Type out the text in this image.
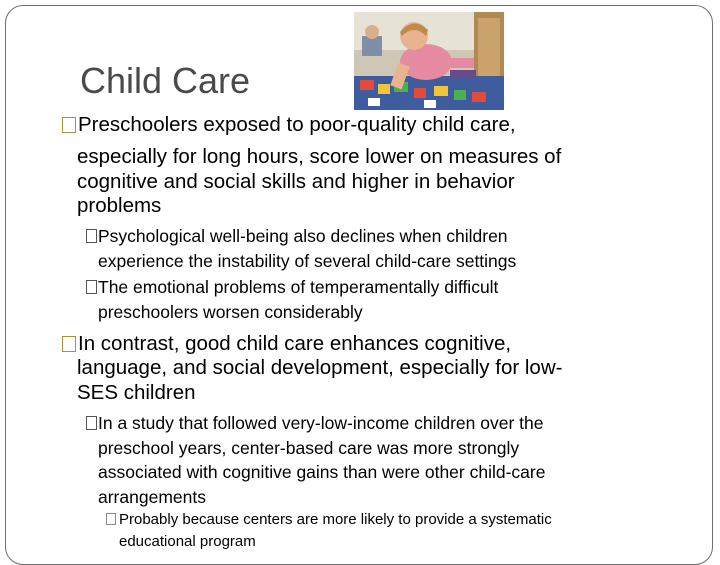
Child Care
Preschoolers exposed to poor-quality child care,
especially for long hours, score lower on measures of
cognitive and social skills and higher in behavior
problems
Psychological well-being also declines when children
experience the instability of several child-care settings
The emotional problems of temperamentally difficult
preschoolers worsen considerably
In contrast, good child care enhances cognitive,
language, and social development, especially for low-
SES children
In a study that followed very-low-income children over the
preschool years, center-based care was more strongly
associated with cognitive gains than were other child-care
arrangements
Probably because centers are more likely to provide a systematic
educational program
